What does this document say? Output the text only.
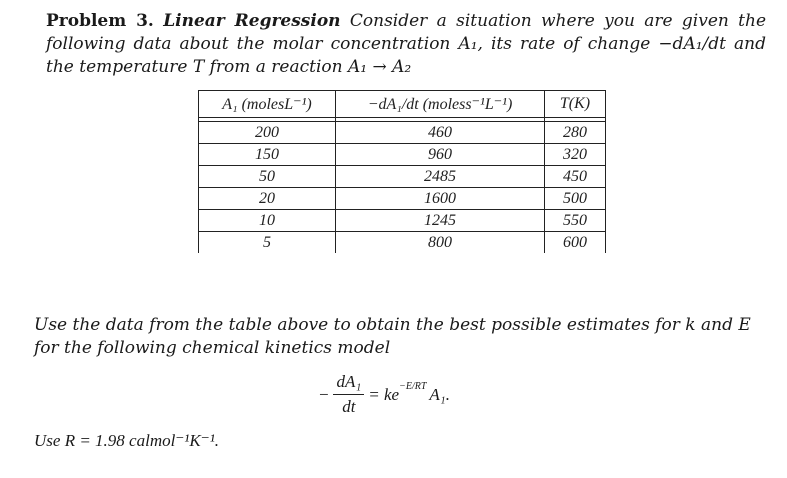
Problem 3. Linear Regression Consider a situation where you are given the following data about the molar concentration A₁, its rate of change −dA₁/dt and the temperature T from a reaction A₁ → A₂
A₁ (molesL⁻¹)	−dA₁/dt (moless⁻¹L⁻¹)	T(K)

200	460	280
150	960	320
50	2485	450
20	1600	500
10	1245	550
5	800	600
Use the data from the table above to obtain the best possible estimates for k and E for the following chemical kinetics model
− $\frac{\text{dA₁}}{dt}$ = ke −E/RT A₁.
Use R = 1.98 calmol⁻¹K⁻¹.
